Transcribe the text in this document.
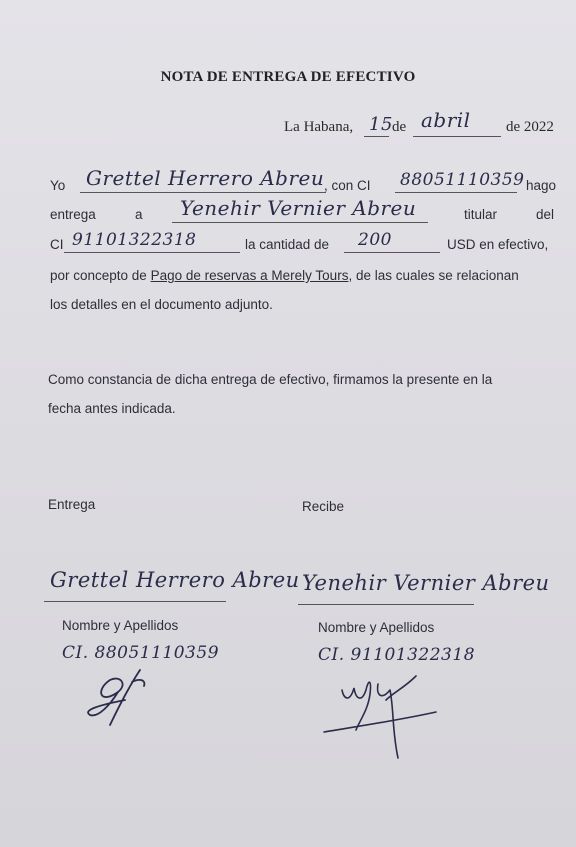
NOTA DE ENTREGA DE EFECTIVO
La Habana, 15 de abril de 2022
Yo Grettel Herrero Abreu , con CI 88051110359 hago
entrega	a Yenehir Vernier Abreu	titular	del
CI 91101322318	la cantidad de 200	USD en efectivo,
por concepto de Pago de reservas a Merely Tours, de las cuales se relacionan
los detalles en el documento adjunto.
Como constancia de dicha entrega de efectivo, firmamos la presente en la
fecha antes indicada.
Entrega	Recibe
Grettel Herrero Abreu
Nombre y Apellidos
CI. 88051110359
Yenehir Vernier Abreu
Nombre y Apellidos
CI. 91101322318
